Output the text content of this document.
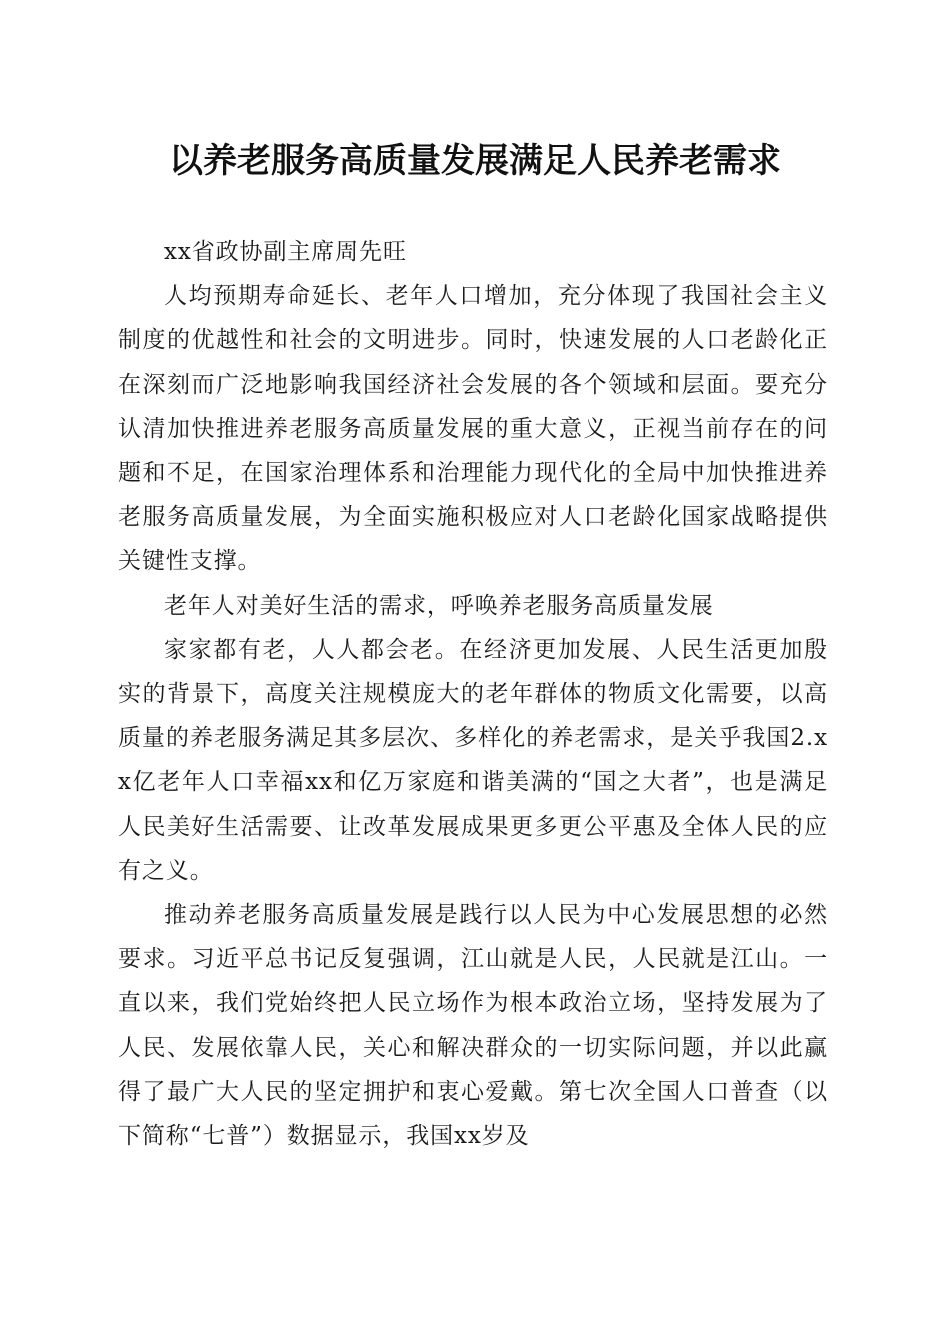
以养老服务高质量发展满足人民养老需求

xx省政协副主席周先旺

人均预期寿命延长、老年人口增加，充分体现了我国社会主义制度的优越性和社会的文明进步。同时，快速发展的人口老龄化正在深刻而广泛地影响我国经济社会发展的各个领域和层面。要充分认清加快推进养老服务高质量发展的重大意义，正视当前存在的问题和不足，在国家治理体系和治理能力现代化的全局中加快推进养老服务高质量发展，为全面实施积极应对人口老龄化国家战略提供关键性支撑。

老年人对美好生活的需求，呼唤养老服务高质量发展

家家都有老，人人都会老。在经济更加发展、人民生活更加殷实的背景下，高度关注规模庞大的老年群体的物质文化需要，以高质量的养老服务满足其多层次、多样化的养老需求，是关乎我国2.xx亿老年人口幸福xx和亿万家庭和谐美满的“国之大者”，也是满足人民美好生活需要、让改革发展成果更多更公平惠及全体人民的应有之义。

推动养老服务高质量发展是践行以人民为中心发展思想的必然要求。习近平总书记反复强调，江山就是人民，人民就是江山。一直以来，我们党始终把人民立场作为根本政治立场，坚持发展为了人民、发展依靠人民，关心和解决群众的一切实际问题，并以此赢得了最广大人民的坚定拥护和衷心爱戴。第七次全国人口普查（以下简称“七普”）数据显示，我国xx岁及
